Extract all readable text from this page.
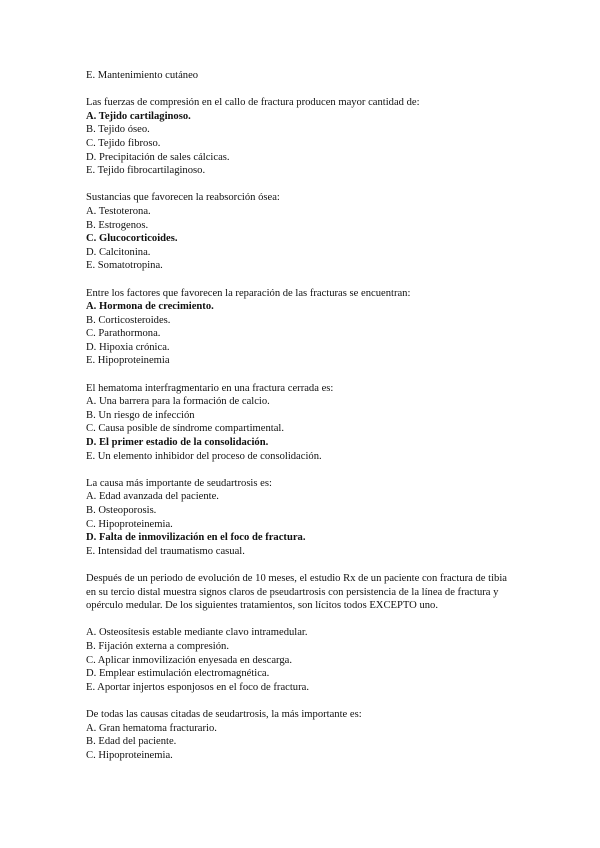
E. Mantenimiento cutáneo
Las fuerzas de compresión en el callo de fractura producen mayor cantidad de:
A. Tejido cartilaginoso.
B. Tejido óseo.
C. Tejido fibroso.
D. Precipitación de sales cálcicas.
E. Tejido fibrocartilaginoso.
Sustancias que favorecen la reabsorción ósea:
A. Testoterona.
B. Estrogenos.
C. Glucocorticoides.
D. Calcitonina.
E. Somatotropina.
Entre los factores que favorecen la reparación de las fracturas se encuentran:
A. Hormona de crecimiento.
B. Corticosteroides.
C. Parathormona.
D. Hipoxia crónica.
E. Hipoproteinemia
El hematoma interfragmentario en una fractura cerrada es:
A. Una barrera para la formación de calcio.
B. Un riesgo de infección
C. Causa posible de síndrome compartimental.
D. El primer estadio de la consolidación.
E. Un elemento inhibidor del proceso de consolidación.
La causa más importante de seudartrosis es:
A. Edad avanzada del paciente.
B. Osteoporosis.
C. Hipoproteinemia.
D. Falta de inmovilización en el foco de fractura.
E. Intensidad del traumatismo casual.
Después de un periodo de evolución de 10 meses, el estudio Rx de un paciente con fractura de tibia en su tercio distal muestra signos claros de pseudartrosis con persistencia de la línea de fractura y opérculo medular. De los siguientes tratamientos, son lícitos todos EXCEPTO uno.
A. Osteosítesis estable mediante clavo intramedular.
B. Fijación externa a compresión.
C. Aplicar inmovilización enyesada en descarga.
D. Emplear estimulación electromagnética.
E. Aportar injertos esponjosos en el foco de fractura.
De todas las causas citadas de seudartrosis, la más importante es:
A. Gran hematoma fracturario.
B. Edad del paciente.
C. Hipoproteinemia.
